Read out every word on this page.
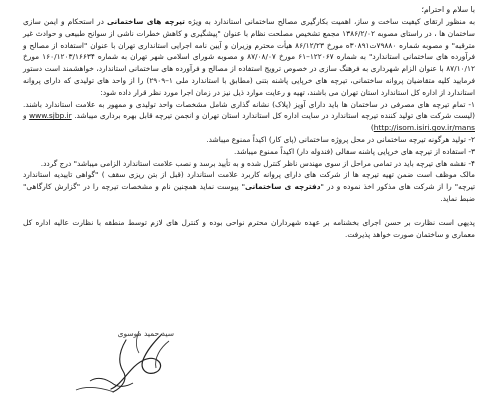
با سلام و احترام؛

به منظور ارتقای کیفیت ساخت و ساز، اهمیت بکارگیری مصالح ساختمانی استاندارد به ویژه تیرچه های ساختمانی در استحکام و ایمن سازی ساختمان ها ، در راستای مصوبه ۱۳۸۶/۲/۰۲ مجمع تشخیص مصلحت نظام با عنوان "پیشگیری و کاهش خطرات ناشی از سوانح طبیعی و حوادث غیر مترقبه" و مصوبه شماره ۷۹۸۸۰ت۳۰۸۹۱ه مورخ ۸۶/۱۲/۲۳ هیأت محترم وزیران و آیین نامه اجرایی استانداری تهران با عنوان "استفاده از مصالح و فرآورده های ساختمانی استاندارد" به شماره ۱۲۲۰۶۷–۶۱ مورخ ۸۷/۰۸/۰۷ و مصوبه شورای اسلامی شهر تهران به شماره ۱۶۰/۱۲۰۳/۱۶۶۳۴ مورخ ۸۷/۱۰/۱۲ با عنوان الزام شهرداری به فرهنگ سازی در خصوص ترویج استفاده از مصالح و فرآورده های ساختمانی استاندارد، خواهشمند است دستور فرمایید کلیه متقاضیان پروانه ساختمانی، تیرچه های خرپایی پاشنه بتنی (مطابق با استاندارد ملی ۱–۲۹۰۹) را از واحد های تولیدی که دارای پروانه استاندارد از اداره کل استاندارد استان تهران می باشند، تهیه و رعایت موارد ذیل نیز در زمان اجرا مورد نظر قرار داده شود:

۱- تمام تیرچه های مصرفی در ساختمان ها باید دارای آویز (پلاک) نشانه گذاری شامل مشخصات واحد تولیدی و ممهور به علامت استاندارد باشند. (لیست شرکت های تولید کننده تیرچه استاندارد در سایت اداره کل استاندارد استان تهران و انجمن تیرچه قابل بهره برداری میباشد. www.sjbp.ir و http://isom.isiri.gov.ir/mans)

۲- تولید هرگونه تیرچه ساختمانی در محل پروژه ساختمانی (پای کار) اکیداً ممنوع میباشد.

۳- استفاده از تیرچه های خرپایی پاشنه سفالی (فندوله دار) اکیداً ممنوع میباشد.

۴- نقشه های تیرچه باید در تمامی مراحل از سوی مهندس ناظر کنترل شده و به تأیید برسد و نصب علامت استاندارد الزامی میباشد" درج گردد.

مالک موظف است ضمن تهیه تیرچه ها از شرکت های دارای پروانه کاربرد علامت استاندارد (قبل از بتن ریزی سقف ) "گواهی تاییدیه استاندارد تیرچه" را از شرکت های مذکور اخذ نموده و در "دفترچه ی ساختمانی" پیوست نماید همچنین نام و مشخصات تیرچه را در "گزارش کارگاهی" ضبط نماید.

پدیهی است نظارت بر حسن اجرای بخشنامه بر عهده شهرداران محترم نواحی بوده و کنترل های لازم توسط منطقه با نظارت عالیه اداره کل معماری و ساختمان صورت خواهد پذیرفت.

سید حمید موسوی
